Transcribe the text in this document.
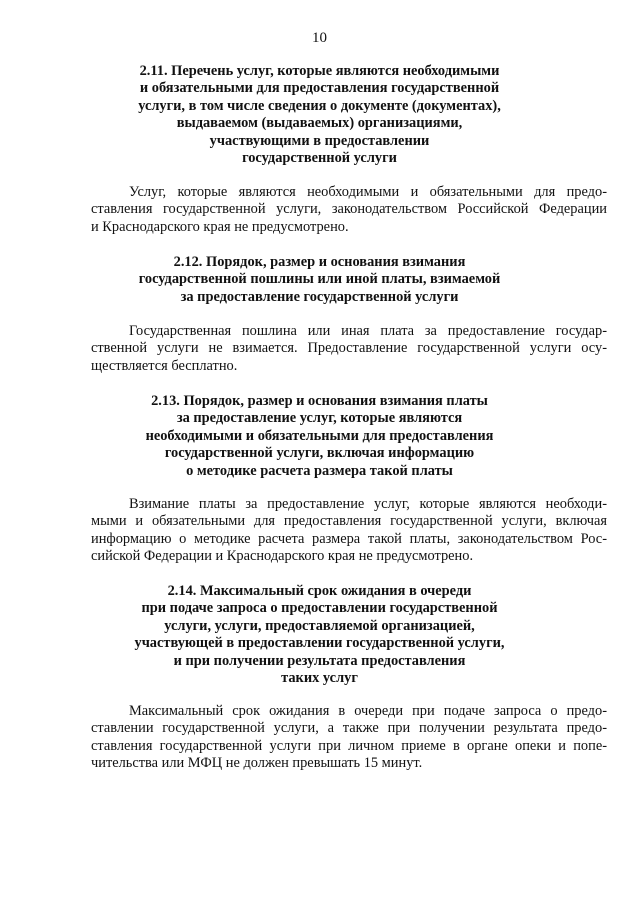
10
2.11. Перечень услуг, которые являются необходимыми
и обязательными для предоставления государственной
услуги, в том числе сведения о документе (документах),
выдаваемом (выдаваемых) организациями,
участвующими в предоставлении
государственной услуги
Услуг, которые являются необходимыми и обязательными для предо-
ставления государственной услуги, законодательством Российской Федерации
и Краснодарского края не предусмотрено.
2.12. Порядок, размер и основания взимания
государственной пошлины или иной платы, взимаемой
за предоставление государственной услуги
Государственная пошлина или иная плата за предоставление государ-
ственной услуги не взимается. Предоставление государственной услуги осу-
ществляется бесплатно.
2.13. Порядок, размер и основания взимания платы
за предоставление услуг, которые являются
необходимыми и обязательными для предоставления
государственной услуги, включая информацию
о методике расчета размера такой платы
Взимание платы за предоставление услуг, которые являются необходи-
мыми и обязательными для предоставления государственной услуги, включая
информацию о методике расчета размера такой платы, законодательством Рос-
сийской Федерации и Краснодарского края не предусмотрено.
2.14. Максимальный срок ожидания в очереди
при подаче запроса о предоставлении государственной
услуги, услуги, предоставляемой организацией,
участвующей в предоставлении государственной услуги,
и при получении результата предоставления
таких услуг
Максимальный срок ожидания в очереди при подаче запроса о предо-
ставлении государственной услуги, а также при получении результата предо-
ставления государственной услуги при личном приеме в органе опеки и попе-
чительства или МФЦ не должен превышать 15 минут.
